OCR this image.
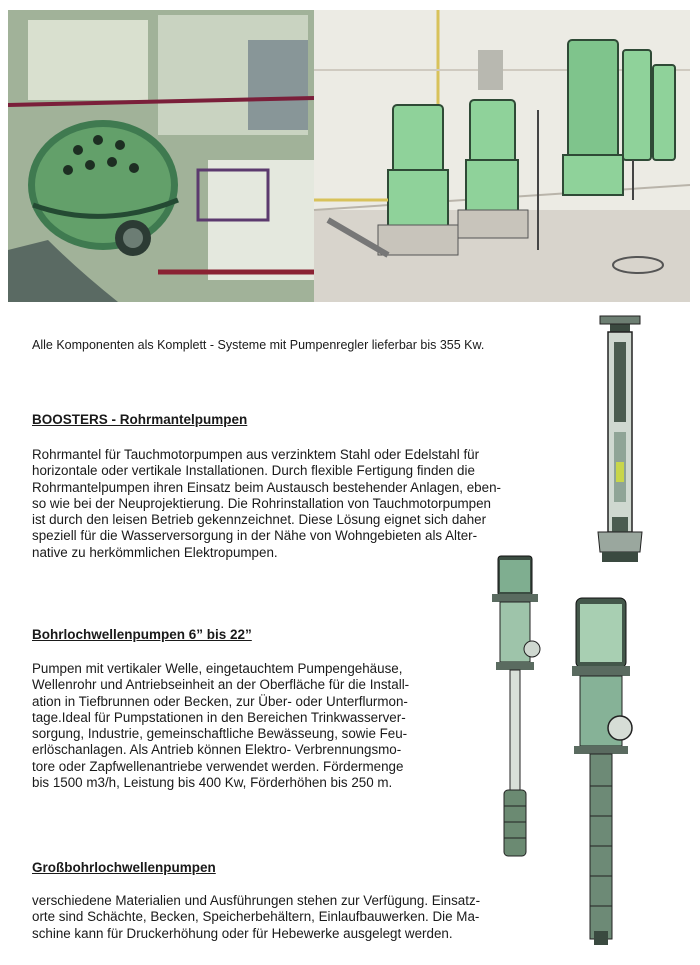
Alle Komponenten als Komplett - Systeme mit Pumpenregler lieferbar bis 355 Kw.
BOOSTERS - Rohrmantelpumpen
Rohrmantel für Tauchmotorpumpen aus verzinktem Stahl oder Edelstahl für
horizontale oder vertikale Installationen. Durch flexible Fertigung finden die
Rohrmantelpumpen ihren Einsatz beim Austausch bestehender Anlagen, eben-
so wie bei der Neuprojektierung. Die Rohrinstallation von Tauchmotorpumpen
ist durch den leisen Betrieb gekennzeichnet. Diese Lösung eignet sich daher
speziell für die Wasserversorgung in der Nähe von Wohngebieten als Alter-
native zu herkömmlichen Elektropumpen.
Bohrlochwellenpumpen 6” bis 22”
Pumpen mit vertikaler Welle, eingetauchtem Pumpengehäuse,
Wellenrohr und Antriebseinheit an der Oberfläche für die Install-
ation in Tiefbrunnen oder Becken, zur Über- oder Unterflurmon-
tage.Ideal für Pumpstationen in den Bereichen Trinkwasserver-
sorgung, Industrie, gemeinschaftliche Bewässeung, sowie Feu-
erlöschanlagen. Als Antrieb können Elektro- Verbrennungsmo-
tore oder Zapfwellenantriebe verwendet werden. Fördermenge
bis 1500 m3/h, Leistung bis 400 Kw, Förderhöhen bis 250 m.
Großbohrlochwellenpumpen
verschiedene Materialien und Ausführungen stehen zur Verfügung. Einsatz-
orte sind Schächte, Becken, Speicherbehältern, Einlaufbauwerken. Die Ma-
schine kann für Druckerhöhung oder für Hebewerke ausgelegt werden.
